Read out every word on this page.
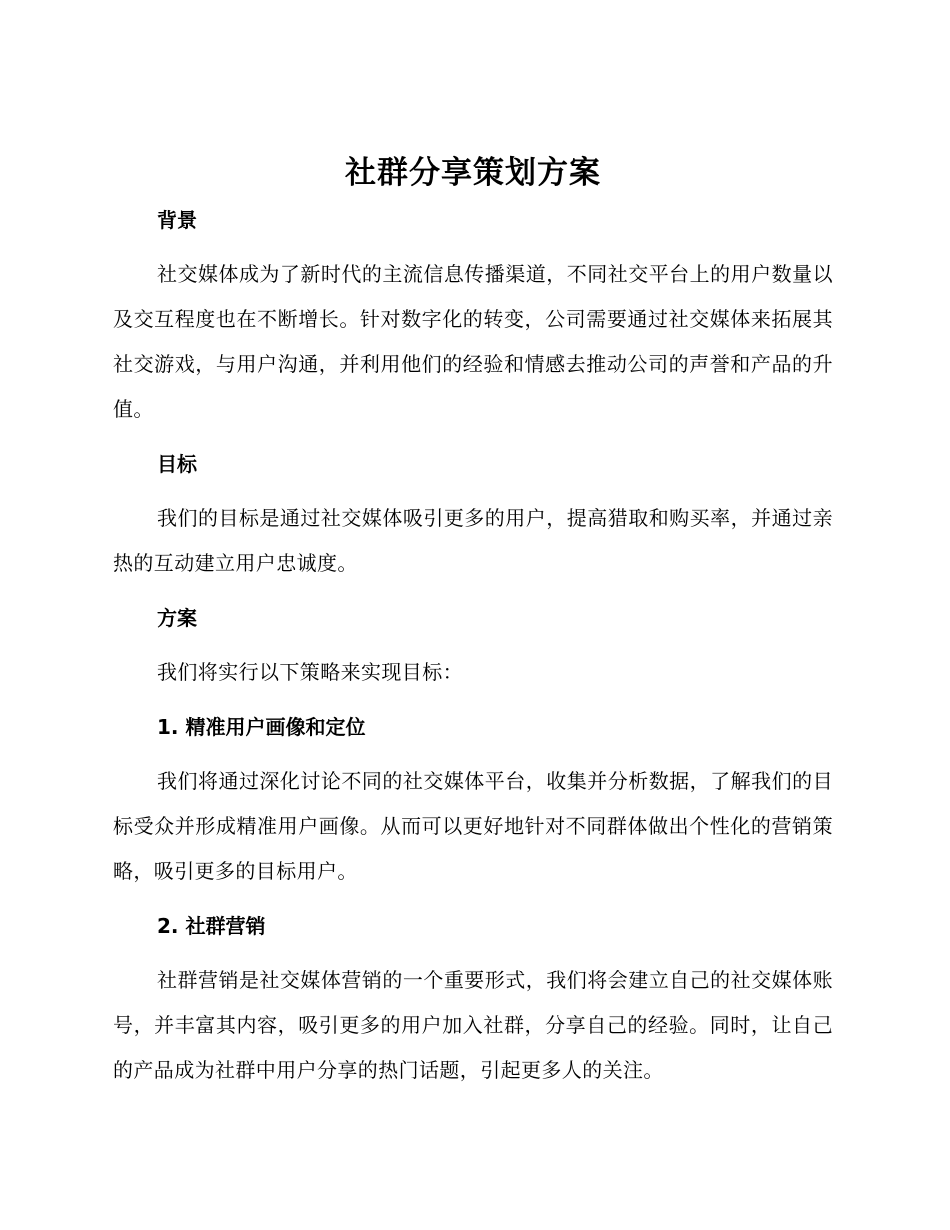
社群分享策划方案
背景

社交媒体成为了新时代的主流信息传播渠道，不同社交平台上的用户数量以及交互程度也在不断增长。针对数字化的转变，公司需要通过社交媒体来拓展其社交游戏，与用户沟通，并利用他们的经验和情感去推动公司的声誉和产品的升值。

目标

我们的目标是通过社交媒体吸引更多的用户，提高猎取和购买率，并通过亲热的互动建立用户忠诚度。

方案

我们将实行以下策略来实现目标：

1. 精准用户画像和定位

我们将通过深化讨论不同的社交媒体平台，收集并分析数据，了解我们的目标受众并形成精准用户画像。从而可以更好地针对不同群体做出个性化的营销策略，吸引更多的目标用户。

2. 社群营销

社群营销是社交媒体营销的一个重要形式，我们将会建立自己的社交媒体账号，并丰富其内容，吸引更多的用户加入社群，分享自己的经验。同时，让自己的产品成为社群中用户分享的热门话题，引起更多人的关注。
